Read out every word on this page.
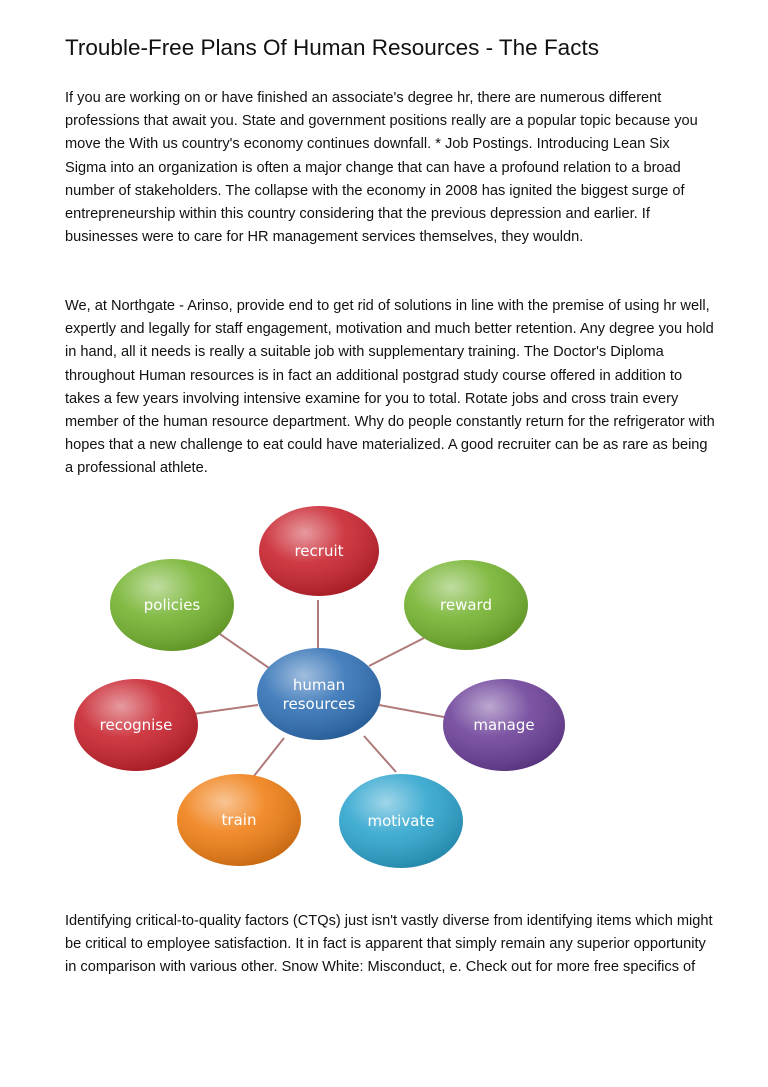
Trouble-Free Plans Of Human Resources - The Facts

If you are working on or have finished an associate's degree hr, there are numerous different professions that await you. State and government positions really are a popular topic because you move the With us country's economy continues downfall. * Job Postings. Introducing Lean Six Sigma into an organization is often a major change that can have a profound relation to a broad number of stakeholders. The collapse with the economy in 2008 has ignited the biggest surge of entrepreneurship within this country considering that the previous depression and earlier. If businesses were to care for HR management services themselves, they wouldn.

We, at Northgate - Arinso, provide end to get rid of solutions in line with the premise of using hr well, expertly and legally for staff engagement, motivation and much better retention. Any degree you hold in hand, all it needs is really a suitable job with supplementary training. The Doctor's Diploma throughout Human resources is in fact an additional postgrad study course offered in addition to takes a few years involving intensive examine for you to total. Rotate jobs and cross train every member of the human resource department. Why do people constantly return for the refrigerator with hopes that a new challenge to eat could have materialized. A good recruiter can be as rare as being a professional athlete.

human
resources
recruit
reward
manage
motivate
train
recognise
policies

Identifying critical-to-quality factors (CTQs) just isn't vastly diverse from identifying items which might be critical to employee satisfaction. It in fact is apparent that simply remain any superior opportunity in comparison with various other. Snow White: Misconduct, e. Check out for more free specifics of
